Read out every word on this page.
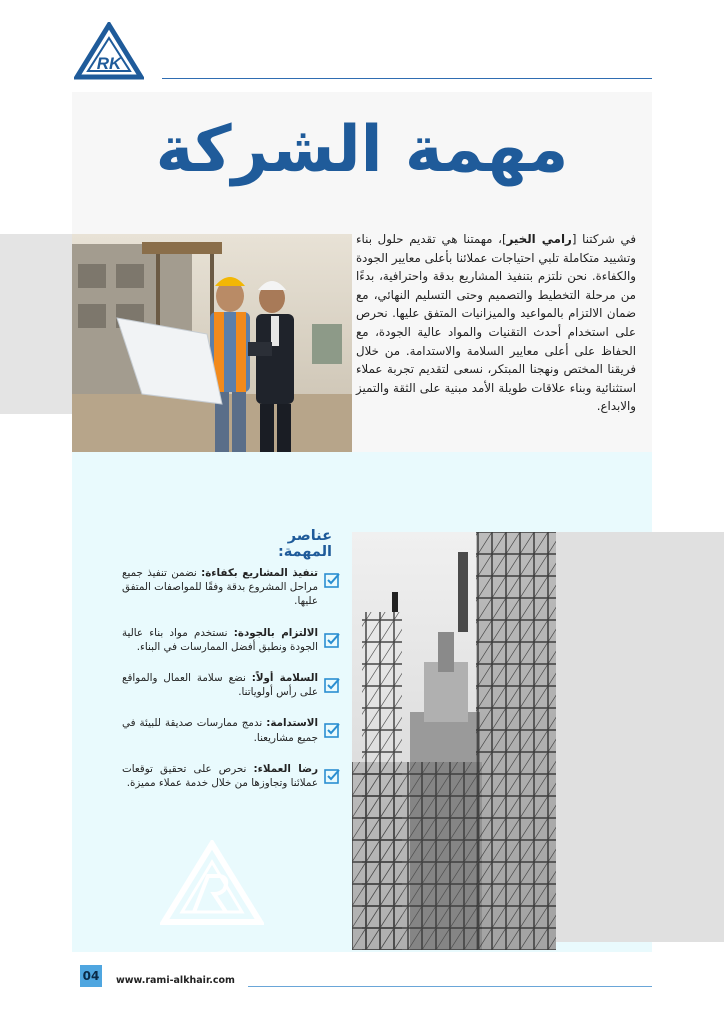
RK
مهمة الشركة

في شركتنا [رامي الخير]، مهمتنا هي تقديم حلول بناء وتشييد متكاملة تلبي احتياجات عملائنا بأعلى معايير الجودة والكفاءة. نحن نلتزم بتنفيذ المشاريع بدقة واحترافية، بدءًا من مرحلة التخطيط والتصميم وحتى التسليم النهائي، مع ضمان الالتزام بالمواعيد والميزانيات المتفق عليها. نحرص على استخدام أحدث التقنيات والمواد عالية الجودة، مع الحفاظ على أعلى معايير السلامة والاستدامة. من خلال فريقنا المختص ونهجنا المبتكر، نسعى لتقديم تجربة عملاء استثنائية وبناء علاقات طويلة الأمد مبنية على الثقة والتميز والابداع.

عناصر المهمة:
تنفيذ المشاريع بكفاءة: نضمن تنفيذ جميع مراحل المشروع بدقة وفقًا للمواصفات المتفق عليها.
الالتزام بالجودة: نستخدم مواد بناء عالية الجودة ونطبق أفضل الممارسات في البناء.
السلامة أولاً: نضع سلامة العمال والمواقع على رأس أولوياتنا.
الاستدامة: ندمج ممارسات صديقة للبيئة في جميع مشاريعنا.
رضا العملاء: نحرص على تحقيق توقعات عملائنا وتجاوزها من خلال خدمة عملاء مميزة.
04 www.rami-alkhair.com
